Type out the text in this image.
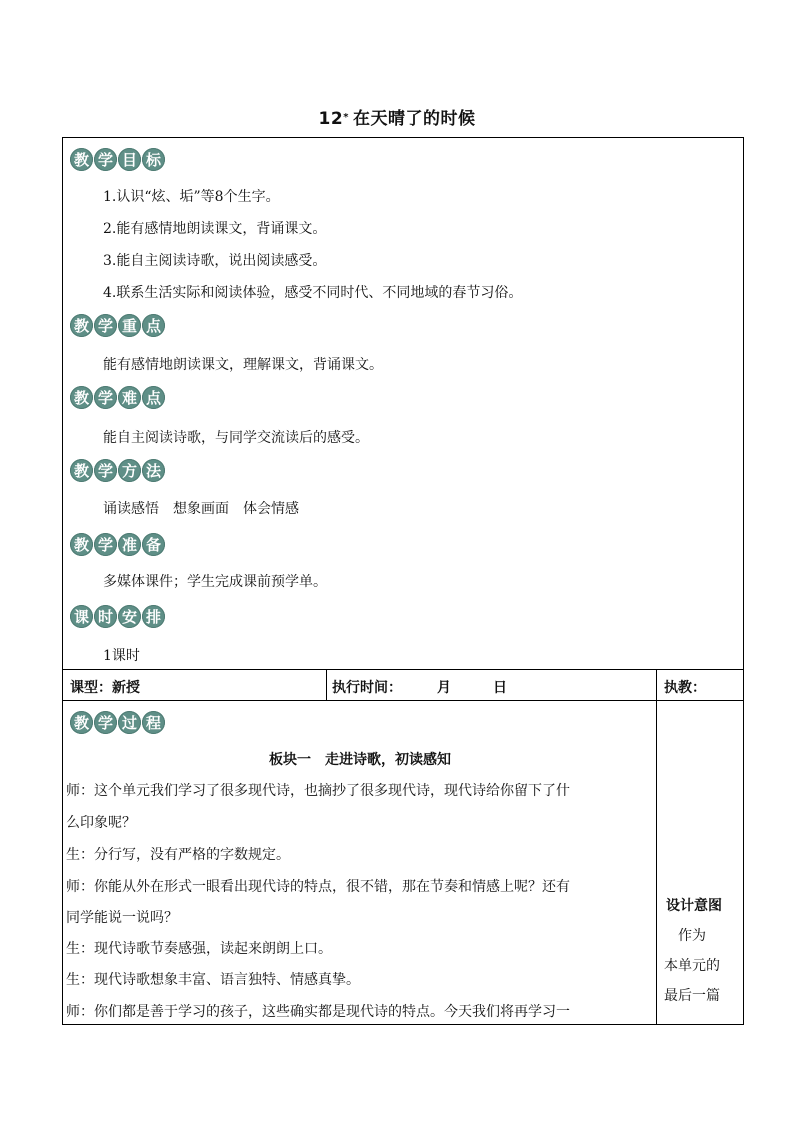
12* 在天晴了的时候
教 学 目 标
1.认识“炫、垢”等8个生字。
2.能有感情地朗读课文，背诵课文。
3.能自主阅读诗歌，说出阅读感受。
4.联系生活实际和阅读体验，感受不同时代、不同地域的春节习俗。
教 学 重 点
能有感情地朗读课文，理解课文，背诵课文。
教 学 难 点
能自主阅读诗歌，与同学交流读后的感受。
教 学 方 法
诵读感悟　想象画面　体会情感
教 学 准 备
多媒体课件；学生完成课前预学单。
课 时 安 排
1课时
课型：新授	执行时间：　　　月　　　日	执教：
教 学 过 程
板块一　走进诗歌，初读感知
师：这个单元我们学习了很多现代诗，也摘抄了很多现代诗，现代诗给你留下了什
么印象呢？
生：分行写，没有严格的字数规定。
师：你能从外在形式一眼看出现代诗的特点，很不错，那在节奏和情感上呢？还有
同学能说一说吗？
生：现代诗歌节奏感强，读起来朗朗上口。
生：现代诗歌想象丰富、语言独特、情感真挚。
师：你们都是善于学习的孩子，这些确实都是现代诗的特点。今天我们将再学习一
设计意图
　作为
本单元的
最后一篇
